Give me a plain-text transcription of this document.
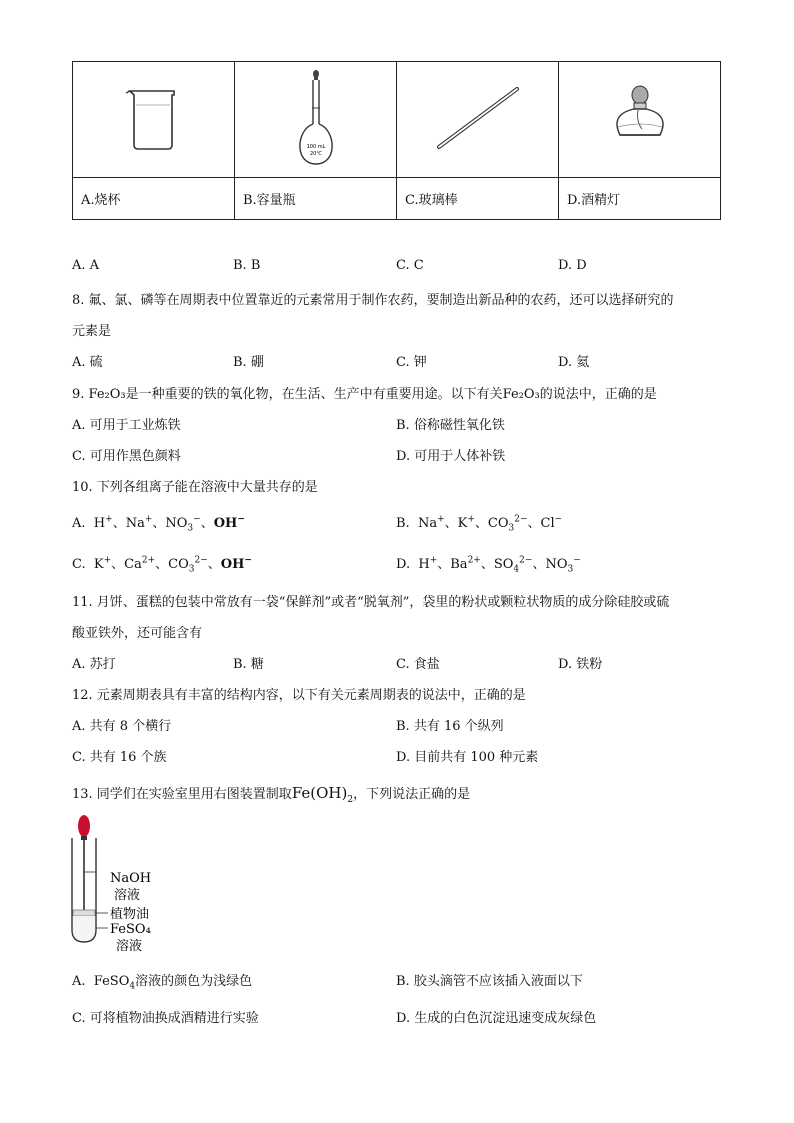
100 mL
20℃

A.烧杯	B.容量瓶	C.玻璃棒	D.酒精灯
A. A	B. B	C. C	D. D
8. 氟、氯、磷等在周期表中位置靠近的元素常用于制作农药，要制造出新品种的农药，还可以选择研究的
元素是
A. 硫	B. 硼	C. 钾	D. 氦
9. Fe₂O₃是一种重要的铁的氧化物，在生活、生产中有重要用途。以下有关Fe₂O₃的说法中，正确的是
A. 可用于工业炼铁	B. 俗称磁性氧化铁
C. 可用作黑色颜料	D. 可用于人体补铁
10. 下列各组离子能在溶液中大量共存的是
A.  H+、Na+、$NO_3^-$、OH−	B.  Na+、K+、$CO_3^{2-}$、Cl−
C.  K+、$Ca^{2+}$、$CO_3^{2-}$、OH−	D.  H+、$Ba^{2+}$、$SO_4^{2-}$、$NO_3^-$
11. 月饼、蛋糕的包装中常放有一袋“保鲜剂”或者“脱氧剂”，袋里的粉状或颗粒状物质的成分除硅胶或硫
酸亚铁外，还可能含有
A. 苏打	B. 糖	C. 食盐	D. 铁粉
12. 元素周期表具有丰富的结构内容，以下有关元素周期表的说法中，正确的是
A. 共有 8 个横行	B. 共有 16 个纵列
C. 共有 16 个族	D. 目前共有 100 种元素
13. 同学们在实验室里用右图装置制取$Fe(OH)_2$，下列说法正确的是
NaOH
溶液
植物油
FeSO₄
溶液
A. FeSO$_4$溶液的颜色为浅绿色	B. 胶头滴管不应该插入液面以下
C. 可将植物油换成酒精进行实验	D. 生成的白色沉淀迅速变成灰绿色
